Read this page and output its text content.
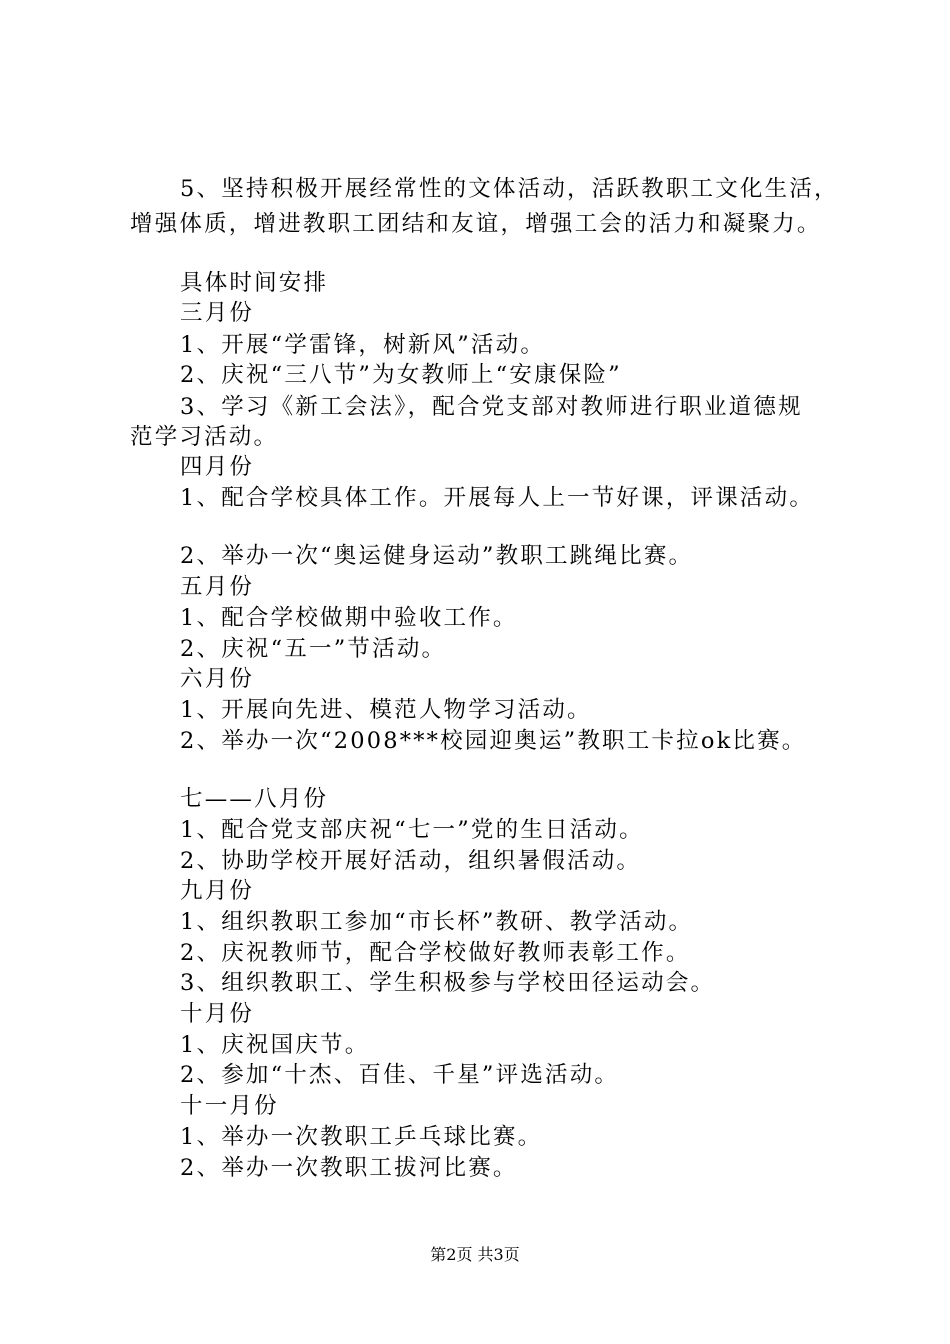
5、坚持积极开展经常性的文体活动，活跃教职工文化生活，
增强体质，增进教职工团结和友谊，增强工会的活力和凝聚力。
具体时间安排
三月份
1、开展“学雷锋，树新风”活动。
2、庆祝“三八节”为女教师上“安康保险”
3、学习《新工会法》，配合党支部对教师进行职业道德规
范学习活动。
四月份
1、配合学校具体工作。开展每人上一节好课，评课活动。
2、举办一次“奥运健身运动”教职工跳绳比赛。
五月份
1、配合学校做期中验收工作。
2、庆祝“五一”节活动。
六月份
1、开展向先进、模范人物学习活动。
2、举办一次“2008***校园迎奥运”教职工卡拉ok比赛。
七——八月份
1、配合党支部庆祝“七一”党的生日活动。
2、协助学校开展好活动，组织暑假活动。
九月份
1、组织教职工参加“市长杯”教研、教学活动。
2、庆祝教师节，配合学校做好教师表彰工作。
3、组织教职工、学生积极参与学校田径运动会。
十月份
1、庆祝国庆节。
2、参加“十杰、百佳、千星”评选活动。
十一月份
1、举办一次教职工乒乓球比赛。
2、举办一次教职工拔河比赛。
第2页 共3页
